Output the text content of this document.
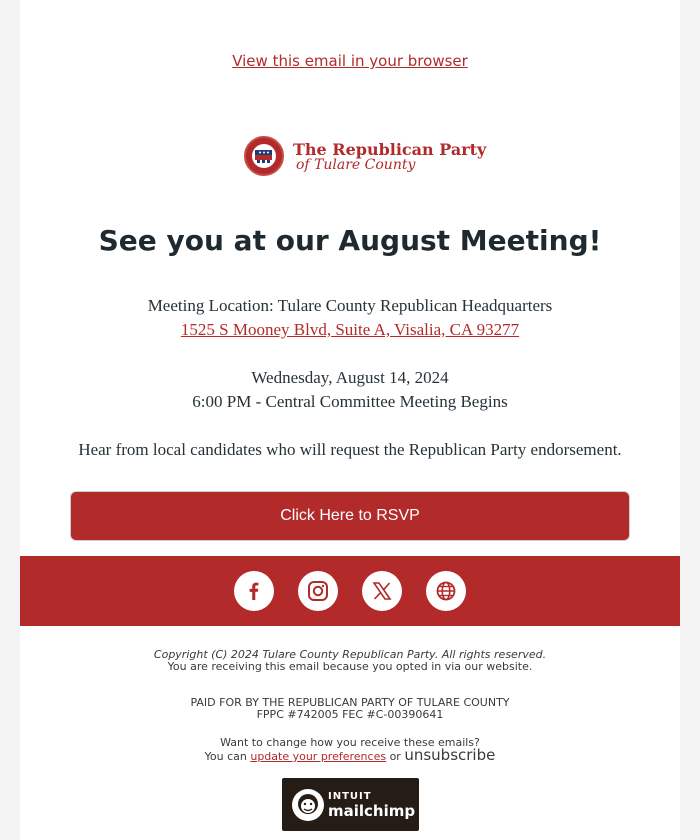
View this email in your browser
The Republican Party
of Tulare County
See you at our August Meeting!
Meeting Location: Tulare County Republican Headquarters
1525 S Mooney Blvd, Suite A, Visalia, CA 93277
Wednesday, August 14, 2024
6:00 PM - Central Committee Meeting Begins
Hear from local candidates who will request the Republican Party endorsement.
Click Here to RSVP
Copyright (C) 2024 Tulare County Republican Party. All rights reserved.
You are receiving this email because you opted in via our website.
PAID FOR BY THE REPUBLICAN PARTY OF TULARE COUNTY
FPPC #742005 FEC #C-00390641
Want to change how you receive these emails?
You can update your preferences or unsubscribe
INTUIT
mailchimp
